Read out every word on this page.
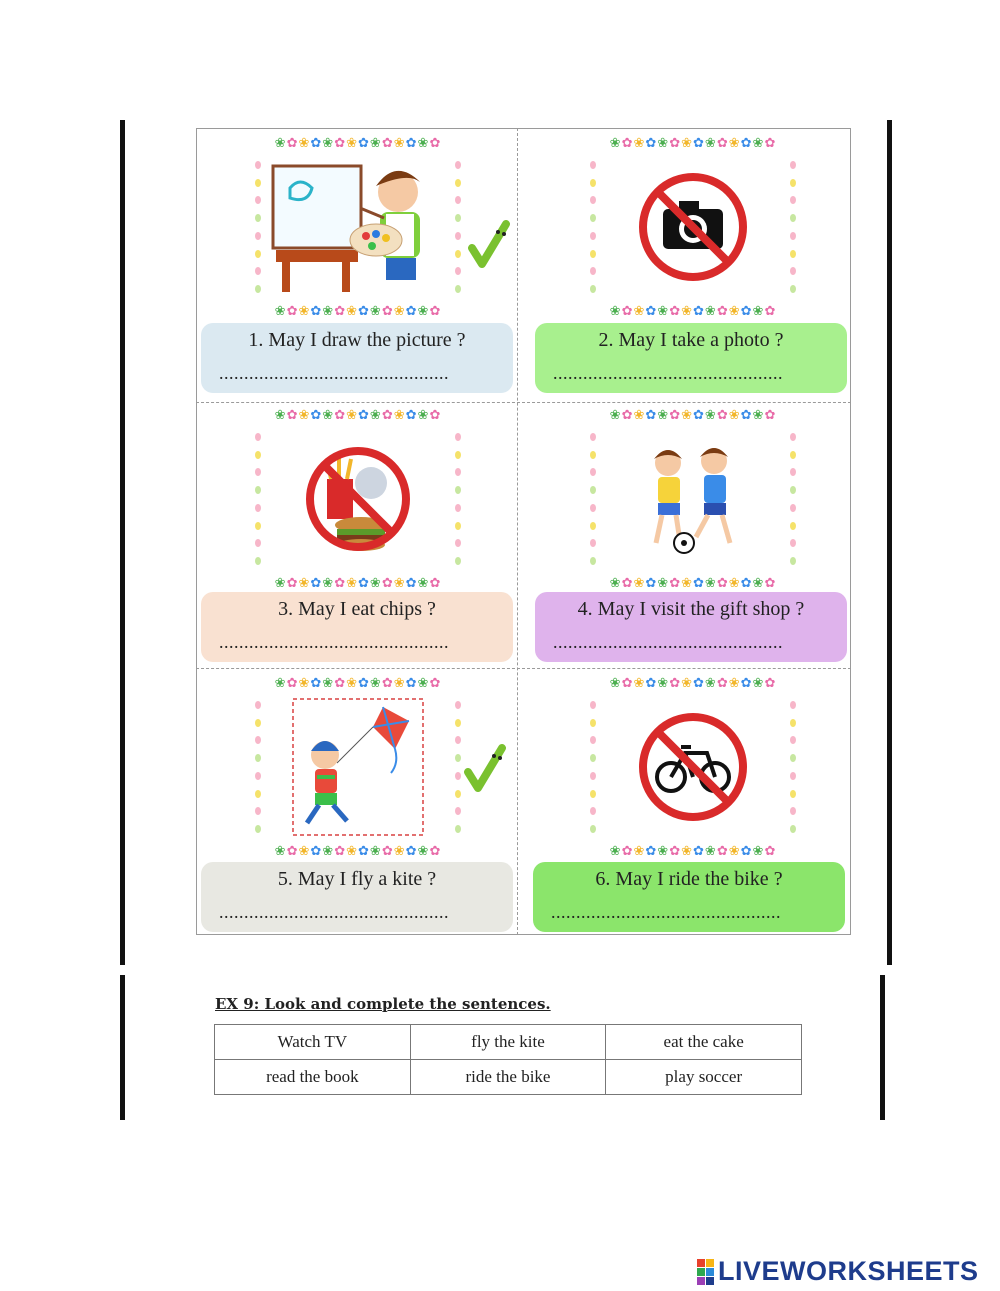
❀✿❀✿❀✿❀✿❀✿❀✿❀✿
❀✿❀✿❀✿❀✿❀✿❀✿❀✿
1. May I draw the picture ?
..............................................
❀✿❀✿❀✿❀✿❀✿❀✿❀✿
❀✿❀✿❀✿❀✿❀✿❀✿❀✿
2. May I take a photo ?
..............................................
❀✿❀✿❀✿❀✿❀✿❀✿❀✿
❀✿❀✿❀✿❀✿❀✿❀✿❀✿
3. May I eat chips ?
..............................................
❀✿❀✿❀✿❀✿❀✿❀✿❀✿
❀✿❀✿❀✿❀✿❀✿❀✿❀✿
4. May I visit the gift shop ?
..............................................
❀✿❀✿❀✿❀✿❀✿❀✿❀✿
❀✿❀✿❀✿❀✿❀✿❀✿❀✿
5. May I fly a kite ?
..............................................
❀✿❀✿❀✿❀✿❀✿❀✿❀✿
❀✿❀✿❀✿❀✿❀✿❀✿❀✿
6. May I ride the bike ?
..............................................
EX 9: Look and complete the sentences.
Watch TV	fly the kite	eat the cake
read the book	ride the bike	play soccer
LIVEWORKSHEETS
